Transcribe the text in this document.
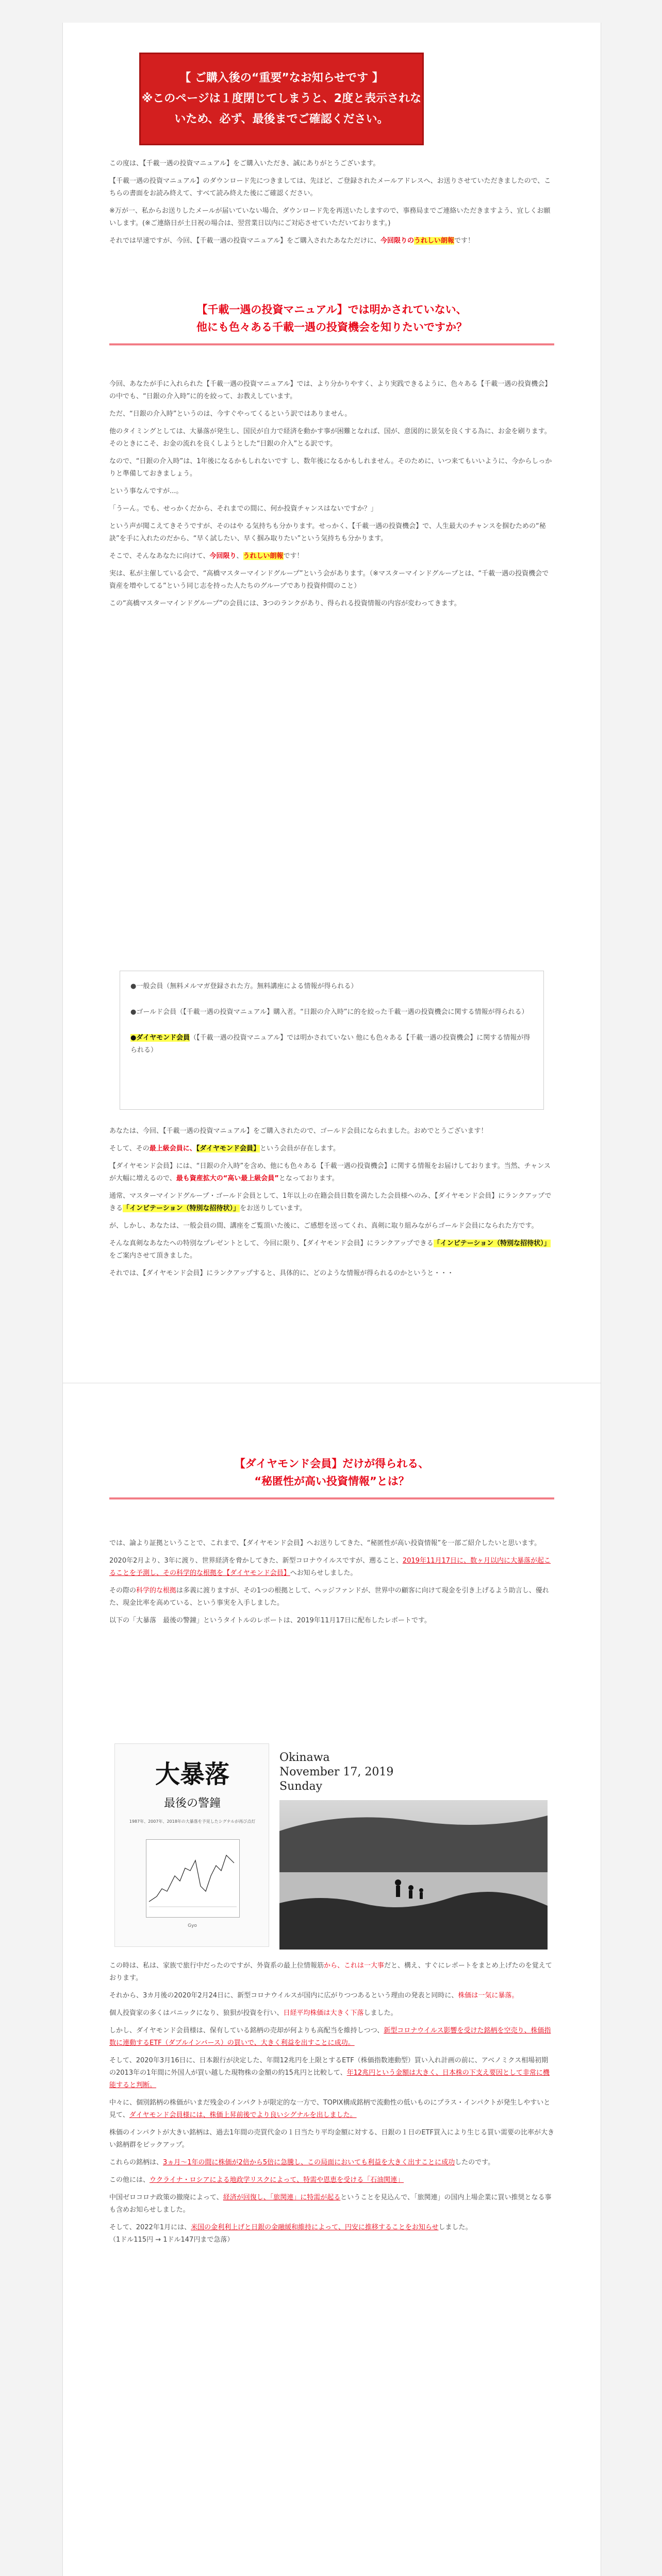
【 ご購入後の“重要”なお知らせです 】
※このページは１度閉じてしまうと、2度と表示されな
いため、必ず、最後までご確認ください。

この度は、【千載一遇の投資マニュアル】をご購入いただき、誠にありがとうございます。

【千載一遇の投資マニュアル】のダウンロード先につきましては、先ほど、ご登録されたメールアドレスへ、お送りさせていただきましたので、こちらの書面をお読み終えて、すべて読み終えた後にご確認ください。

※万が一、私からお送りしたメールが届いていない場合、ダウンロード先を再送いたしますので、事務局までご連絡いただきますよう、宜しくお願いします。(※ご連絡日が土日祝の場合は、翌営業日以内にご対応させていただいております。)

それでは早速ですが、今回、【千載一遇の投資マニュアル】をご購入されたあなただけに、今回限りのうれしい朗報です！

【千載一遇の投資マニュアル】では明かされていない、
他にも色々ある千載一遇の投資機会を知りたいですか？

今回、あなたが手に入れられた【千載一遇の投資マニュアル】では、より分かりやすく、より実践できるように、色々ある【千載一遇の投資機会】の中でも、“日銀の介入時”に的を絞って、お教えしています。

ただ、“日銀の介入時”というのは、今すぐやってくるという訳ではありません。

他のタイミングとしては、大暴落が発生し、国民が自力で経済を動かす事が困難となれば、国が、意図的に景気を良くする為に、お金を刷ります。そのときにこそ、お金の流れを良くしようとした“日銀の介入”とる訳です。

なので、“日銀の介入時”は、1年後になるかもしれないです し、数年後になるかもしれません。そのために、いつ来てもいいように、今からしっかりと準備しておきましょう。

という事なんですが...。

「うーん。でも、せっかくだから、それまでの間に、何か投資チャンスはないですか？」

という声が聞こえてきそうですが、そのはや る気持ちも分かります。せっかく、【千載一遇の投資機会】で、人生最大のチャンスを掴むための“秘訣”を手に入れたのだから、“早く試したい、早く掴み取りたい”という気持ちも分かります。

そこで、そんなあなたに向けて、今回限り、うれしい朗報です！

実は、私が主催している会で、“高橋マスターマインドグループ”という会があります。（※マスターマインドグループとは、“千載一遇の投資機会で資産を増やしてる”という同じ志を持った人たちのグループであり投資仲間のこと）

この“高橋マスターマインドグループ”の会員には、3つのランクがあり、得られる投資情報の内容が変わってきます。

●一般会員（無料メルマガ登録された方。無料講座による情報が得られる）
●ゴールド会員（【千載一遇の投資マニュアル】購入者。“日銀の介入時”に的を絞った千載一遇の投資機会に関する情報が得られる）
●ダイヤモンド会員（【千載一遇の投資マニュアル】では明かされていない 他にも色々ある【千載一遇の投資機会】に関する情報が得られる）

あなたは、今回、【千載一遇の投資マニュアル】をご購入されたので、ゴールド会員になられました。おめでとうございます！

そして、その最上級会員に、【ダイヤモンド会員】という会員が存在します。

【ダイヤモンド会員】には、“日銀の介入時”を含め、他にも色々ある【千載一遇の投資機会】に関する情報をお届けしております。当然、チャンスが大幅に増えるので、最も資産拡大の“高い最上級会員”となっております。

通常、マスターマインドグループ・ゴールド会員として、1年以上の在籍会員日数を満たした会員様へのみ、【ダイヤモンド会員】にランクアップできる「インビテーション（特別な招待状）」をお送りしています。

が、しかし、あなたは、一般会員の間、講座をご覧頂いた後に、ご感想を送ってくれ、真剣に取り組みながらゴールド会員になられた方です。

そんな真剣なあなたへの特別なプレゼントとして、今回に限り、【ダイヤモンド会員】にランクアップできる「インビテーション（特別な招待状）」をご案内させて頂きました。

それでは、【ダイヤモンド会員】にランクアップすると、具体的に、どのような情報が得られるのかというと・・・

【ダイヤモンド会員】だけが得られる、
“秘匿性が高い投資情報”とは？

では、論より証拠ということで、これまで、【ダイヤモンド会員】へお送りしてきた、“秘匿性が高い投資情報”を一部ご紹介したいと思います。

2020年2月より、3年に渡り、世界経済を脅かしてきた、新型コロナウイルスですが、遡ること、2019年11月17日に、数ヶ月以内に大暴落が起こることを予測し、その科学的な根拠を【ダイヤモンド会員】へお知らせしました。

その際の科学的な根拠は多義に渡りますが、その1つの根拠として、ヘッジファンドが、世界中の顧客に向けて現金を引き上げるよう助言し、優れた、現金比率を高めている、という事実を入手しました。

以下の「大暴落　最後の警鐘」というタイトルのレポートは、2019年11月17日に配布したレポートです。

大暴落
最後の警鐘
1987年、2007年、2018年の大暴落を予見したシグナルが再び点灯
Gyo
Okinawa
November 17, 2019
Sunday

この時は、私は、家族で旅行中だったのですが、外資系の最上位情報筋から、これは一大事だと、構え、すぐにレポートをまとめ上げたのを覚えております。

それから、3カ月後の2020年2月24日に、新型コロナウイルスが国内に広がりつつあるという理由の発表と同時に、株価は一気に暴落。

個人投資家の多くはパニックになり、狼狽が投資を行い、日経平均株価は大きく下落しました。

しかし、ダイヤモンド会員様は、保有している銘柄の売却が何よりも高配当を維持しつつ、新型コロナウイルス影響を受けた銘柄を空売り、株価指数に連動するETF（ダブルインバース）の買いで、大きく利益を出すことに成功。

そして、2020年3月16日に、日本銀行が決定した、年間12兆円を上限とするETF（株価指数連動型）買い入れ計画の前に、アベノミクス相場初期の2013年の1年間に外国人が買い越した現物株の金額の約15兆円と比較して、年12兆円という金額は大きく、日本株の下支え要因として非常に機能すると判断。

中々に、個別銘柄の株価がいまだ残金のインパクトが限定的な一方で、TOPIX構成銘柄で流動性の低いものにプラス・インパクトが発生しやすいと見て、ダイヤモンド会員様には、株価上昇前後でより良いシグナルを出しました。

株価のインパクトが大きい銘柄は、過去1年間の売買代金の１日当たり平均金額に対する、日銀の１日のETF買入により生じる買い需要の比率が大きい銘柄群をピックアップ。

これらの銘柄は、3ヵ月〜1年の間に株価が2倍から5倍に急騰し、この局面においても利益を大きく出すことに成功したのです。

この他には、ウクライナ・ロシアによる地政学リスクによって、特需や恩恵を受ける「石油関連」

中国ゼロコロナ政策の撤廃によって、経済が回復し、「旅関連」に特需が起るということを見込んで、「旅関連」の国内上場企業に買い推奨となる事も含めお知らせしました。

そして、2022年1月には、米国の金利利上げと日銀の金融緩和維持によって、円安に推移することをお知らせしました。

（1ドル115円 → 1ドル147円まで急落）
